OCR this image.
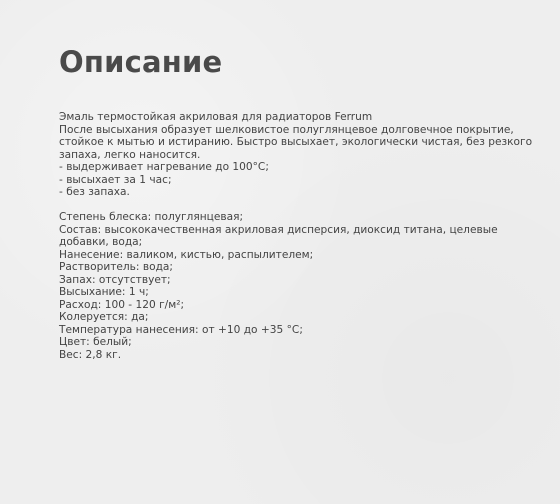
Описание
Эмаль термостойкая акриловая для радиаторов Ferrum
После высыхания образует шелковистое полуглянцевое долговечное покрытие,
стойкое к мытью и истиранию. Быстро высыхает, экологически чистая, без резкого
запаха, легко наносится.
- выдерживает нагревание до 100°С;
- высыхает за 1 час;
- без запаха.
Степень блеска: полуглянцевая;
Состав: высококачественная акриловая дисперсия, диоксид титана, целевые
добавки, вода;
Нанесение: валиком, кистью, распылителем;
Растворитель: вода;
Запах: отсутствует;
Высыхание: 1 ч;
Расход: 100 - 120 г/м²;
Колеруется: да;
Температура нанесения: от +10 до +35 °С;
Цвет: белый;
Вес: 2,8 кг.
